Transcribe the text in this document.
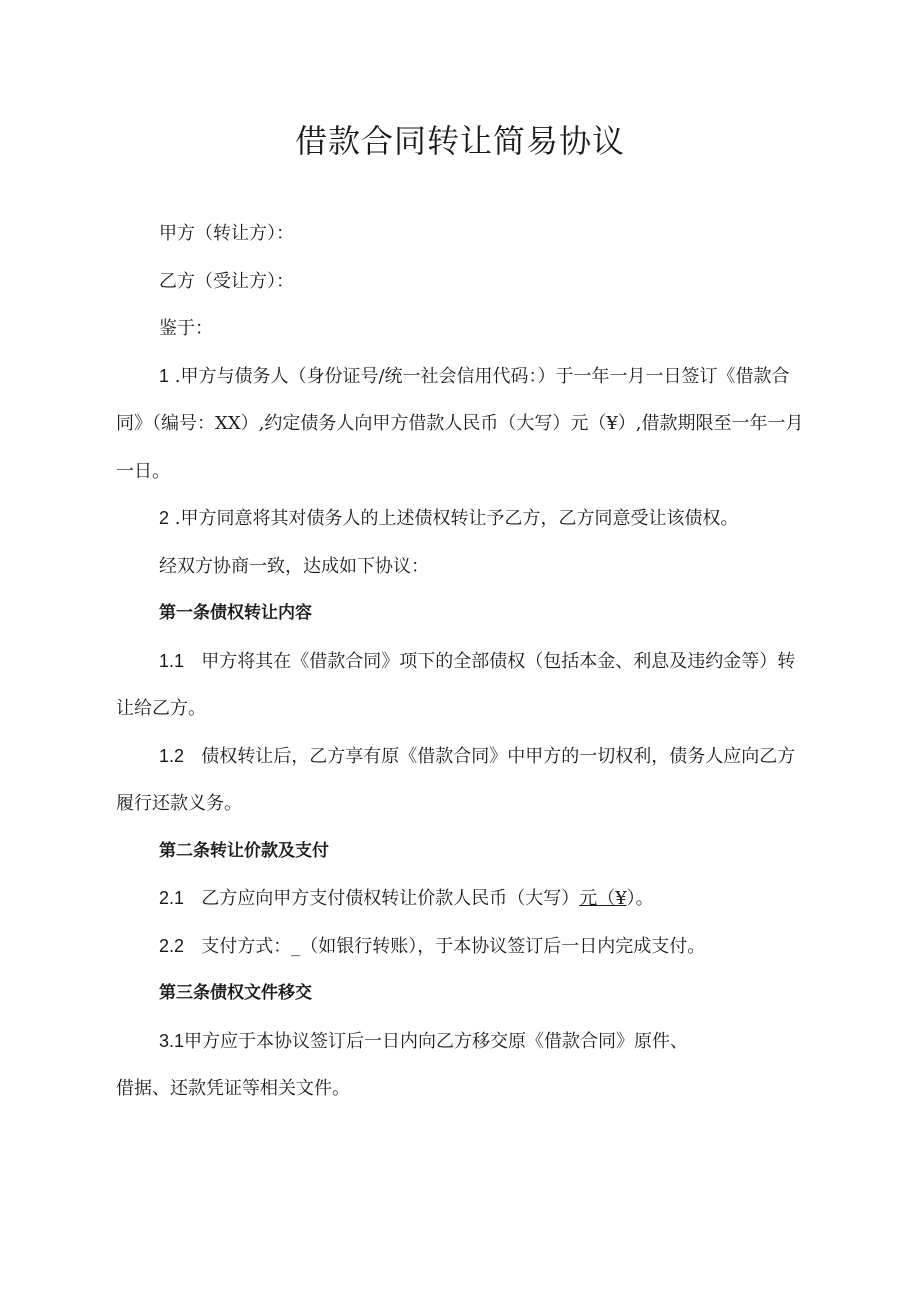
借款合同转让简易协议

甲方（转让方）：

乙方（受让方）：

鉴于：

1 .甲方与债务人（身份证号/统一社会信用代码：）于一年一月一日签订《借款合同》（编号：XX）,约定债务人向甲方借款人民币（大写）元（¥）,借款期限至一年一月一日。

2 .甲方同意将其对债务人的上述债权转让予乙方，乙方同意受让该债权。

经双方协商一致，达成如下协议：

第一条债权转让内容

1.1 甲方将其在《借款合同》项下的全部债权（包括本金、利息及违约金等）转让给乙方。

1.2 债权转让后，乙方享有原《借款合同》中甲方的一切权利，债务人应向乙方履行还款义务。

第二条转让价款及支付

2.1 乙方应向甲方支付债权转让价款人民币（大写）元（¥）。

2.2 支付方式：_（如银行转账），于本协议签订后一日内完成支付。

第三条债权文件移交

3.1甲方应于本协议签订后一日内向乙方移交原《借款合同》原件、

借据、还款凭证等相关文件。
